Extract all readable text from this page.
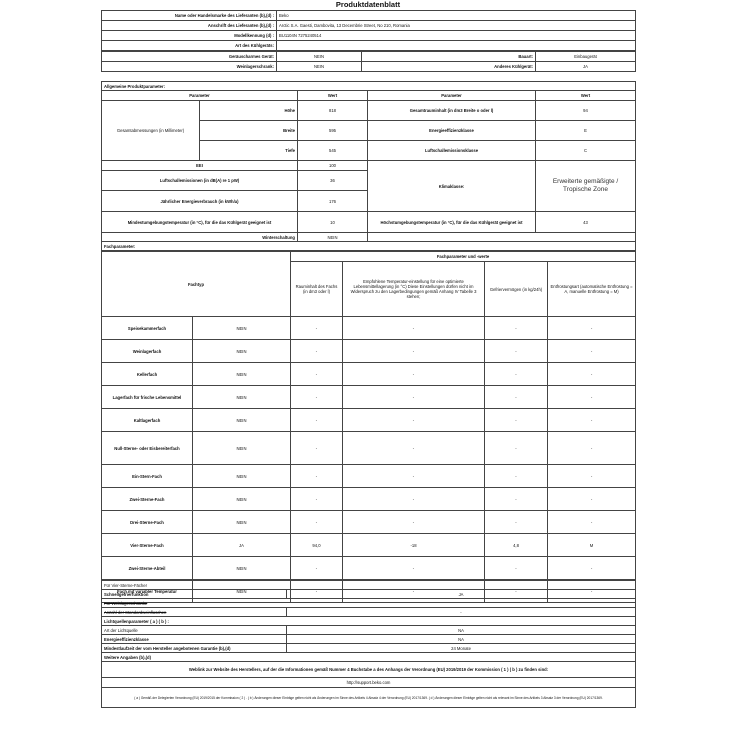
Produktdatenblatt
Name oder Handelsmarke des Lieferanten (b),(d) :	Beko
Anschrift des Lieferanten (b),(d) :	Arctic S.A. Gaesti, Dambovita, 13 Decembrie Street, No 210, Romania
Modellkennung (d) :	BU1104N 7275240514
Art des Kühlgeräts:	
Geräuscharmes Gerät:	NEIN	Bauart:	Einbaugerät
Weinlagerschrank:	NEIN	Anderes Kühlgerät:	JA
Allgemeine Produktparameter:				
Parameter		Wert	Parameter	Wert
Gesamtabmessungen (in Millimeter)	Höhe	818	Gesamtrauminhalt (in dm3 Breite o oder l)	94
	Breite	595	Energieeffizienzklasse	E
	Tiefe	545	Luftschallemissionsklasse	C
EEI		100	Klimaklasse:	Erweiterte gemäßigte / Tropische Zone
Luftschallemissionen (in dB(A) re 1 pW)		36		
Jährlicher Energieverbrauch (in kWh/a)		176		
Mindestumgebungstemperatur (in °C), für die das Kühlgerät geeignet ist		10	Höchstumgebungstemperatur (in °C), für die das Kühlgerät geeignet ist	43
Winterschaltung		NEIN		
Fachparameter:				
Fachtyp		Fachparameter und -werte			
		Rauminhalt des Fachs (in dm3 oder l)	Empfohlene Temperatur-einstellung für eine optimierte Lebensmittellagerung (in °C) Diese Einstellungen dürfen nicht im Widerspruch zu den Lagerbedingungen gemäß Anhang IV Tabelle 3 stehen;	Gefriervermögen (in kg/24h)	Entfrostungsart (automatische Entfrostung = A, manuelle Entfrostung = M)
Speisekammerfach	NEIN	-	-	-	-
Weinlagerfach	NEIN	-	-	-	-
Kellerfach	NEIN	-	-	-	-
Lagerfach für frische Lebensmittel	NEIN	-	-	-	-
Kaltlagerfach	NEIN	-	-	-	-
Null-Sterne- oder Eisbereiterfach	NEIN	-	-	-	-
Ein-Stern-Fach	NEIN	-	-	-	-
Zwei-Sterne-Fach	NEIN	-	-	-	-
Drei-Sterne-Fach	NEIN	-	-	-	-
Vier-Sterne-Fach	JA	94,0	-18	4,8	M
Zwei-Sterne-Abteil	NEIN	-	-	-	-
Fach mit variabler Temperatur	NEIN	-	-	-	-
Für Vier-Sterne-Fächer	
Schnellgefrierfunktion	JA
Für Weinlagerschränke	
Anzahl der Standardweinflaschen	-
Lichtquellenparameter ( a ) ( b ) :	
Art der Lichtquelle	NA
Energieeffizienzklasse	NA
Mindestlaufzeit der vom Hersteller angebotenen Garantie (b),(d)	24 Monate
Weitere Angaben (b),(d)	
Weblink zur Website des Herstellers, auf der die Informationen gemäß Nummer 4 Buchstabe a des Anhangs der Verordnung (EU) 2019/2019 der Kommission ( 1 ) ( b ) zu finden sind:	
http://support.beko.com	
( a ) Gemäß der Delegierten Verordnung (EU) 2019/2015 der Kommission ( 2 ) . ( b ) Änderungen dieser Einträge gelten nicht als Änderungen im Sinne des Artikels 4 Absatz 4 der Verordnung (EU) 2017/1369. ( d ) Änderungen dieser Einträge gelten nicht als relevant im Sinne des Artikels 3 Absatz 3 der Verordnung (EU) 2017/1369.	
